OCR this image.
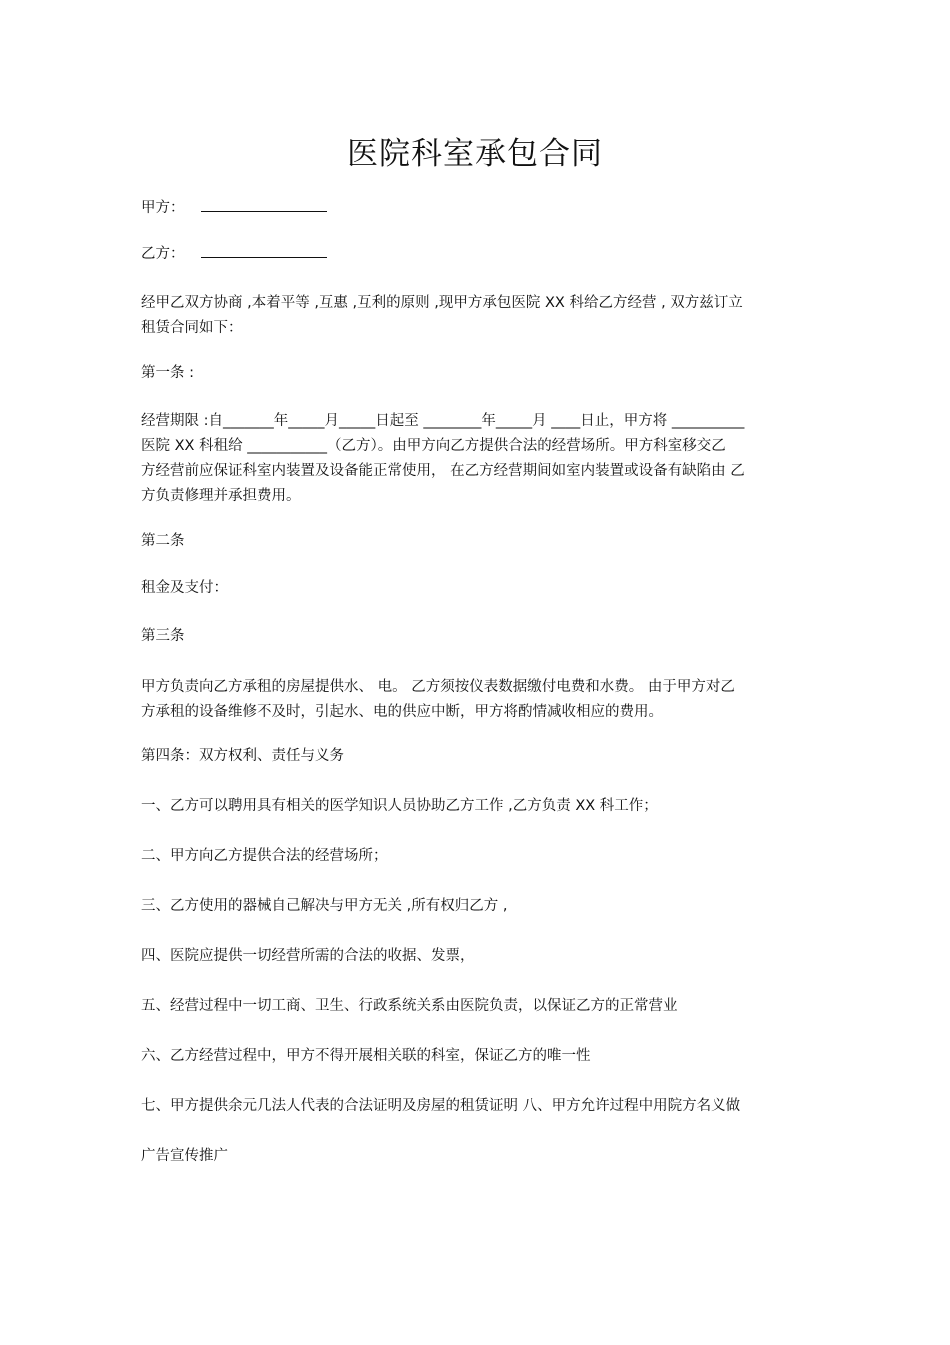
医院科室承包合同
甲方：
乙方：
经甲乙双方协商 ,本着平等 ,互惠 ,互利的原则 ,现甲方承包医院 XX 科给乙方经营 , 双方兹订立
租赁合同如下：
第一条 :
经营期限 :自_______年_____月_____日起至 ________年_____月 ____日止，甲方将 __________
医院 XX 科租给 ___________（乙方）。由甲方向乙方提供合法的经营场所。甲方科室移交乙
方经营前应保证科室内装置及设备能正常使用， 在乙方经营期间如室内装置或设备有缺陷由 乙
方负责修理并承担费用。
第二条
租金及支付：
第三条
甲方负责向乙方承租的房屋提供水、 电。 乙方须按仪表数据缴付电费和水费。 由于甲方对乙
方承租的设备维修不及时，引起水、电的供应中断，甲方将酌情减收相应的费用。
第四条：双方权利、责任与义务
一、乙方可以聘用具有相关的医学知识人员协助乙方工作 ,乙方负责 XX 科工作；
二、甲方向乙方提供合法的经营场所；
三、乙方使用的器械自己解决与甲方无关 ,所有权归乙方 ,
四、医院应提供一切经营所需的合法的收据、发票，
五、经营过程中一切工商、卫生、行政系统关系由医院负责，以保证乙方的正常营业
六、乙方经营过程中，甲方不得开展相关联的科室，保证乙方的唯一性
七、甲方提供余元几法人代表的合法证明及房屋的租赁证明 八、甲方允许过程中用院方名义做
广告宣传推广
